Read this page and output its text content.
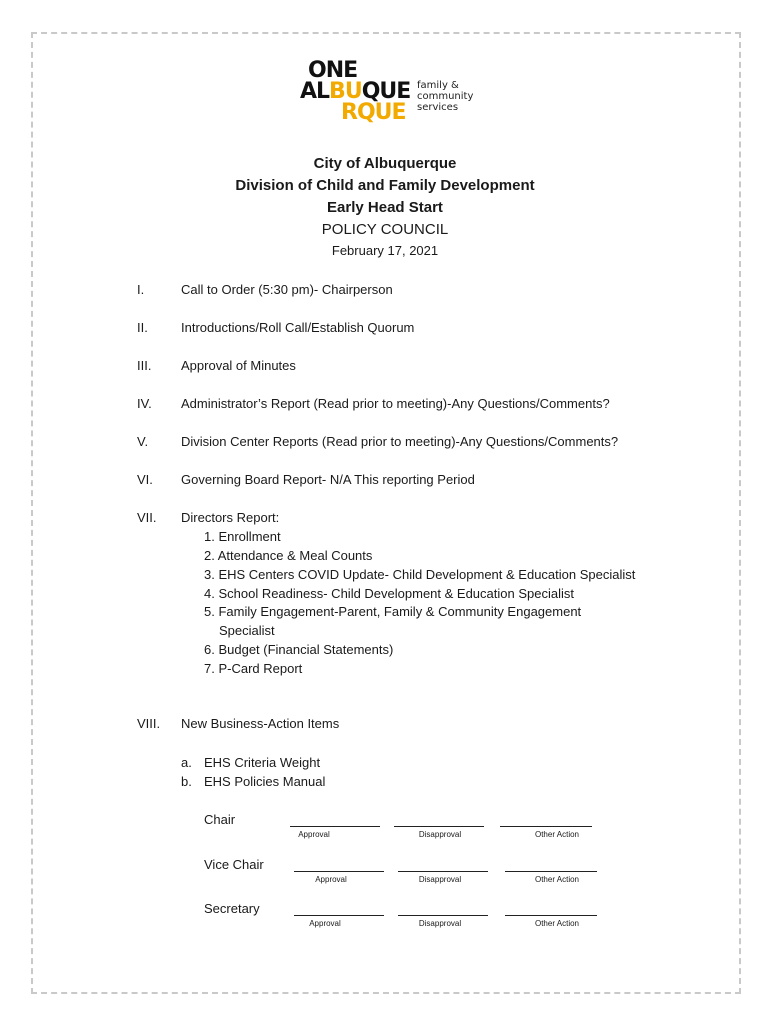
ONE
ALBUQUE
RQUE
family &
community
services
City of Albuquerque
Division of Child and Family Development
Early Head Start
POLICY COUNCIL
February 17, 2021
I.	Call to Order (5:30 pm)- Chairperson
II.	Introductions/Roll Call/Establish Quorum
III. Approval of Minutes
IV. Administrator’s Report (Read prior to meeting)-Any Questions/Comments?
V.	Division Center Reports (Read prior to meeting)-Any Questions/Comments?
VI. Governing Board Report- N/A This reporting Period
VII. Directors Report:
1. Enrollment
2. Attendance & Meal Counts
3. EHS Centers COVID Update- Child Development & Education Specialist
4. School Readiness- Child Development & Education Specialist
5. Family Engagement-Parent, Family & Community Engagement
Specialist
6. Budget (Financial Statements)
7. P-Card Report
VIII. New Business-Action Items
a. EHS Criteria Weight
b. EHS Policies Manual
Chair
Approval	Disapproval	Other Action
Vice Chair
Approval	Disapproval	Other Action
Secretary
Approval	Disapproval	Other Action
